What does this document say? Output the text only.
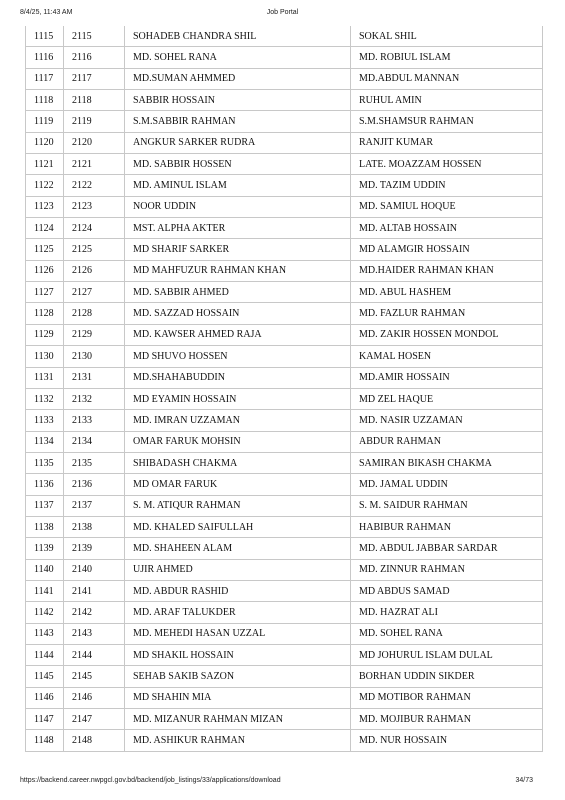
8/4/25, 11:43 AM	Job Portal
1115	2115	SOHADEB CHANDRA SHIL	SOKAL SHIL
1116	2116	MD. SOHEL RANA	MD. ROBIUL ISLAM
1117	2117	MD.SUMAN AHMMED	MD.ABDUL MANNAN
1118	2118	SABBIR HOSSAIN	RUHUL AMIN
1119	2119	S.M.SABBIR RAHMAN	S.M.SHAMSUR RAHMAN
1120	2120	ANGKUR SARKER RUDRA	RANJIT KUMAR
1121	2121	MD. SABBIR HOSSEN	LATE. MOAZZAM HOSSEN
1122	2122	MD. AMINUL ISLAM	MD. TAZIM UDDIN
1123	2123	NOOR UDDIN	MD. SAMIUL HOQUE
1124	2124	MST. ALPHA AKTER	MD. ALTAB HOSSAIN
1125	2125	MD SHARIF SARKER	MD ALAMGIR HOSSAIN
1126	2126	MD MAHFUZUR RAHMAN KHAN	MD.HAIDER RAHMAN KHAN
1127	2127	MD. SABBIR AHMED	MD. ABUL HASHEM
1128	2128	MD. SAZZAD HOSSAIN	MD. FAZLUR RAHMAN
1129	2129	MD. KAWSER AHMED RAJA	MD. ZAKIR HOSSEN MONDOL
1130	2130	MD SHUVO HOSSEN	KAMAL HOSEN
1131	2131	MD.SHAHABUDDIN	MD.AMIR HOSSAIN
1132	2132	MD EYAMIN HOSSAIN	MD ZEL HAQUE
1133	2133	MD. IMRAN UZZAMAN	MD. NASIR UZZAMAN
1134	2134	OMAR FARUK MOHSIN	ABDUR RAHMAN
1135	2135	SHIBADASH CHAKMA	SAMIRAN BIKASH CHAKMA
1136	2136	MD OMAR FARUK	MD. JAMAL UDDIN
1137	2137	S. M. ATIQUR RAHMAN	S. M. SAIDUR RAHMAN
1138	2138	MD. KHALED SAIFULLAH	HABIBUR RAHMAN
1139	2139	MD. SHAHEEN ALAM	MD. ABDUL JABBAR SARDAR
1140	2140	UJIR AHMED	MD. ZINNUR RAHMAN
1141	2141	MD. ABDUR RASHID	MD ABDUS SAMAD
1142	2142	MD. ARAF TALUKDER	MD. HAZRAT ALI
1143	2143	MD. MEHEDI HASAN UZZAL	MD. SOHEL RANA
1144	2144	MD SHAKIL HOSSAIN	MD JOHURUL ISLAM DULAL
1145	2145	SEHAB SAKIB SAZON	BORHAN UDDIN SIKDER
1146	2146	MD SHAHIN MIA	MD MOTIBOR RAHMAN
1147	2147	MD. MIZANUR RAHMAN MIZAN	MD. MOJIBUR RAHMAN
1148	2148	MD. ASHIKUR RAHMAN	MD. NUR HOSSAIN
https://backend.career.nwpgcl.gov.bd/backend/job_listings/33/applications/download	34/73
